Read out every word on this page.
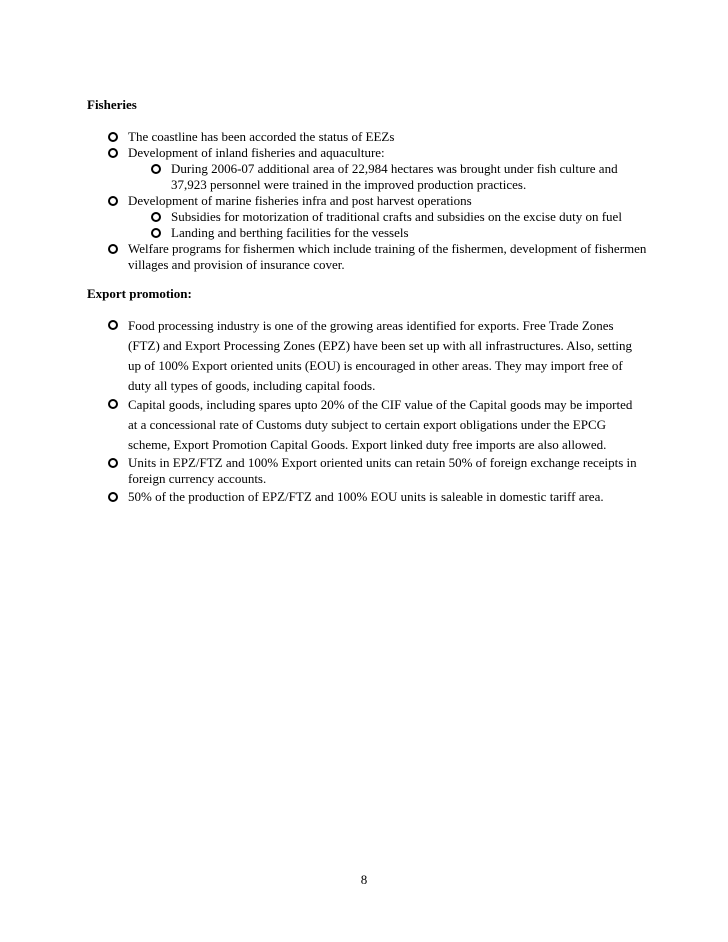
Fisheries
The coastline has been accorded the status of EEZs
Development of inland fisheries and aquaculture:
During 2006-07 additional area of 22,984 hectares was brought under fish culture and 37,923 personnel were trained in the improved production practices.
Development of marine fisheries infra and post harvest operations
Subsidies for motorization of traditional crafts and subsidies on the excise duty on fuel
Landing and berthing facilities for the vessels
Welfare programs for fishermen which include training of the fishermen, development of fishermen villages and provision of insurance cover.
Export promotion:
Food processing industry is one of the growing areas identified for exports. Free Trade Zones (FTZ) and Export Processing Zones (EPZ) have been set up with all infrastructures. Also, setting up of 100% Export oriented units (EOU) is encouraged in other areas. They may import free of duty all types of goods, including capital foods.
Capital goods, including spares upto 20% of the CIF value of the Capital goods may be imported at a concessional rate of Customs duty subject to certain export obligations under the EPCG scheme, Export Promotion Capital Goods. Export linked duty free imports are also allowed.
Units in EPZ/FTZ and 100% Export oriented units can retain 50% of foreign exchange receipts in foreign currency accounts.
50% of the production of EPZ/FTZ and 100% EOU units is saleable in domestic tariff area.
8
